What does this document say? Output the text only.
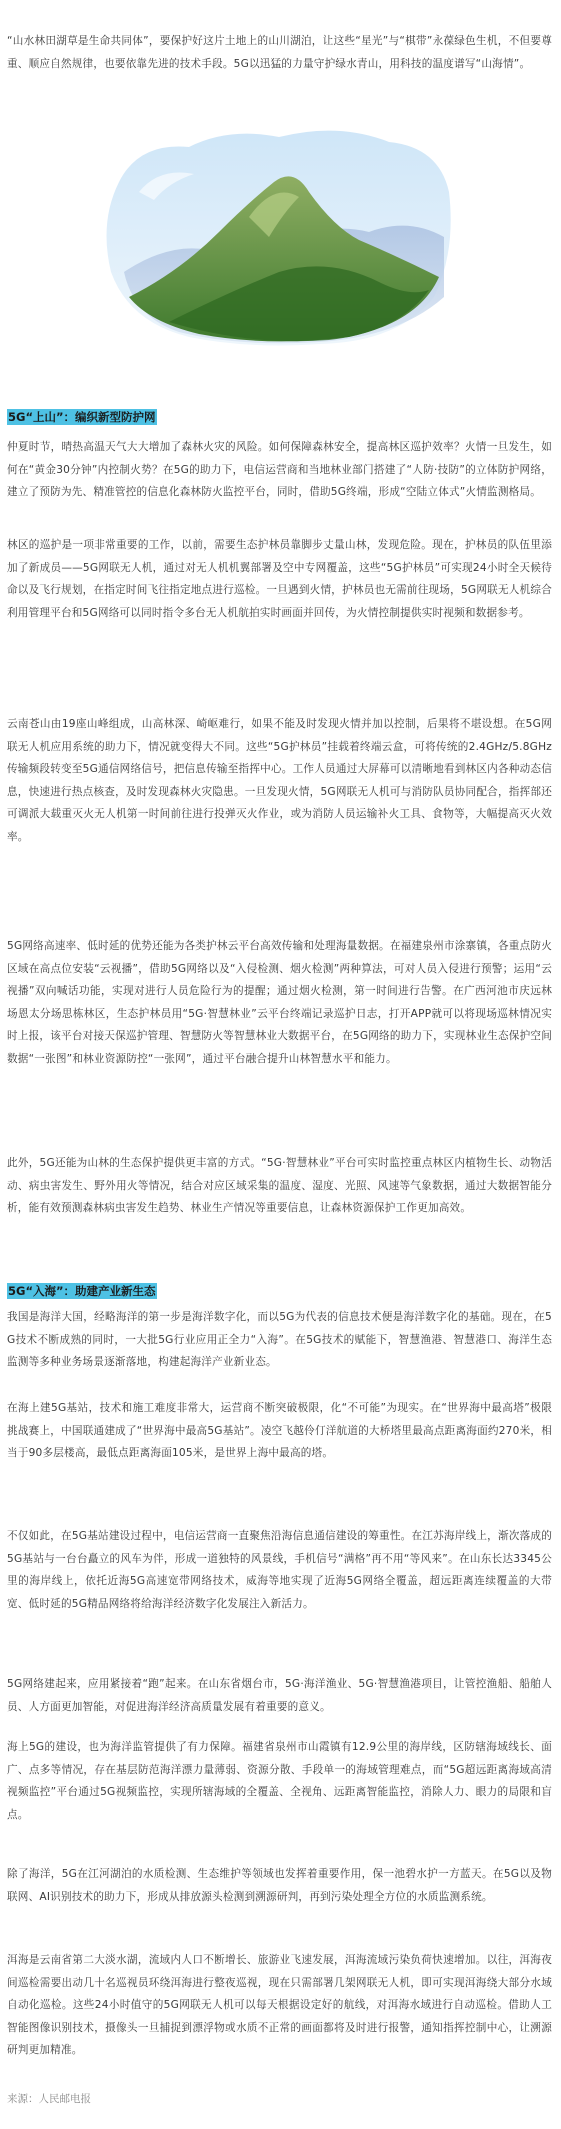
“山水林田湖草是生命共同体”，要保护好这片土地上的山川湖泊，让这些“星光”与“棋带”永葆绿色生机，不但要尊重、顺应自然规律，也要依靠先进的技术手段。5G以迅猛的力量守护绿水青山，用科技的温度谱写“山海情”。

5G“上山”：编织新型防护网

仲夏时节，晴热高温天气大大增加了森林火灾的风险。如何保障森林安全，提高林区巡护效率？火情一旦发生，如何在“黄金30分钟”内控制火势？在5G的助力下，电信运营商和当地林业部门搭建了“人防·技防”的立体防护网络，建立了预防为先、精准管控的信息化森林防火监控平台，同时，借助5G终端，形成“空陆立体式”火情监测格局。

林区的巡护是一项非常重要的工作，以前，需要生态护林员靠脚步丈量山林，发现危险。现在，护林员的队伍里添加了新成员——5G网联无人机，通过对无人机机翼部署及空中专网覆盖，这些“5G护林员”可实现24小时全天候待命以及飞行规划，在指定时间飞往指定地点进行巡检。一旦遇到火情，护林员也无需前往现场，5G网联无人机综合利用管理平台和5G网络可以同时指令多台无人机航拍实时画面并回传，为火情控制提供实时视频和数据参考。

云南苍山由19座山峰组成，山高林深、崎岖难行，如果不能及时发现火情并加以控制，后果将不堪设想。在5G网联无人机应用系统的助力下，情况就变得大不同。这些“5G护林员”挂载着终端云盒，可将传统的2.4GHz/5.8GHz传输频段转变至5G通信网络信号，把信息传输至指挥中心。工作人员通过大屏幕可以清晰地看到林区内各种动态信息，快速进行热点核查，及时发现森林火灾隐患。一旦发现火情，5G网联无人机可与消防队员协同配合，指挥部还可调派大载重灭火无人机第一时间前往进行投弹灭火作业，或为消防人员运输补火工具、食物等，大幅提高灭火效率。

5G网络高速率、低时延的优势还能为各类护林云平台高效传输和处理海量数据。在福建泉州市涂寨镇，各重点防火区域在高点位安装“云视播”，借助5G网络以及“入侵检测、烟火检测”两种算法，可对人员入侵进行预警；运用“云视播”双向喊话功能，实现对进行人员危险行为的提醒；通过烟火检测，第一时间进行告警。在广西河池市庆远林场恩太分场思栋林区，生态护林员用“5G·智慧林业”云平台终端记录巡护日志，打开APP就可以将现场巡林情况实时上报，该平台对接天保巡护管理、智慧防火等智慧林业大数据平台，在5G网络的助力下，实现林业生态保护空间数据“一张图”和林业资源防控“一张网”，通过平台融合提升山林智慧水平和能力。

此外，5G还能为山林的生态保护提供更丰富的方式。“5G·智慧林业”平台可实时监控重点林区内植物生长、动物活动、病虫害发生、野外用火等情况，结合对应区域采集的温度、湿度、光照、风速等气象数据，通过大数据智能分析，能有效预测森林病虫害发生趋势、林业生产情况等重要信息，让森林资源保护工作更加高效。

5G“入海”：助建产业新生态

我国是海洋大国，经略海洋的第一步是海洋数字化，而以5G为代表的信息技术便是海洋数字化的基础。现在，在5G技术不断成熟的同时，一大批5G行业应用正全力“入海”。在5G技术的赋能下，智慧渔港、智慧港口、海洋生态监测等多种业务场景逐渐落地，构建起海洋产业新业态。

在海上建5G基站，技术和施工难度非常大，运营商不断突破极限，化“不可能”为现实。在“世界海中最高塔”极限挑战赛上，中国联通建成了“世界海中最高5G基站”。凌空飞越伶仃洋航道的大桥塔里最高点距离海面约270米，相当于90多层楼高，最低点距离海面105米，是世界上海中最高的塔。

不仅如此，在5G基站建设过程中，电信运营商一直聚焦沿海信息通信建设的筹重性。在江苏海岸线上，渐次落成的5G基站与一台台矗立的风车为伴，形成一道独特的风景线，手机信号“满格”再不用“等风来”。在山东长达3345公里的海岸线上，依托近海5G高速宽带网络技术，威海等地实现了近海5G网络全覆盖，超远距离连续覆盖的大带宽、低时延的5G精品网络将给海洋经济数字化发展注入新活力。

5G网络建起来，应用紧接着“跑”起来。在山东省烟台市，5G·海洋渔业、5G·智慧渔港项目，让管控渔船、船舶人员、人方面更加智能，对促进海洋经济高质量发展有着重要的意义。

海上5G的建设，也为海洋监管提供了有力保障。福建省泉州市山霞镇有12.9公里的海岸线，区防辖海域线长、面广、点多等情况，存在基层防范海洋漂力量薄弱、资源分散、手段单一的海域管理难点，而“5G超远距离海域高清视频监控”平台通过5G视频监控，实现所辖海域的全覆盖、全视角、远距离智能监控，消除人力、眼力的局限和盲点。

除了海洋，5G在江河湖泊的水质检测、生态维护等领域也发挥着重要作用，保一池碧水护一方蓝天。在5G以及物联网、AI识别技术的助力下，形成从排放源头检测到溯源研判，再到污染处理全方位的水质监测系统。

洱海是云南省第二大淡水湖，流域内人口不断增长、旅游业飞速发展，洱海流域污染负荷快速增加。以往，洱海夜间巡检需要出动几十名巡视员环绕洱海进行整夜巡视，现在只需部署几架网联无人机，即可实现洱海绕大部分水域自动化巡检。这些24小时值守的5G网联无人机可以每天根据设定好的航线，对洱海水域进行自动巡检。借助人工智能图像识别技术，摄像头一旦捕捉到漂浮物或水质不正常的画面都将及时进行报警，通知指挥控制中心，让溯源研判更加精准。

来源：人民邮电报
